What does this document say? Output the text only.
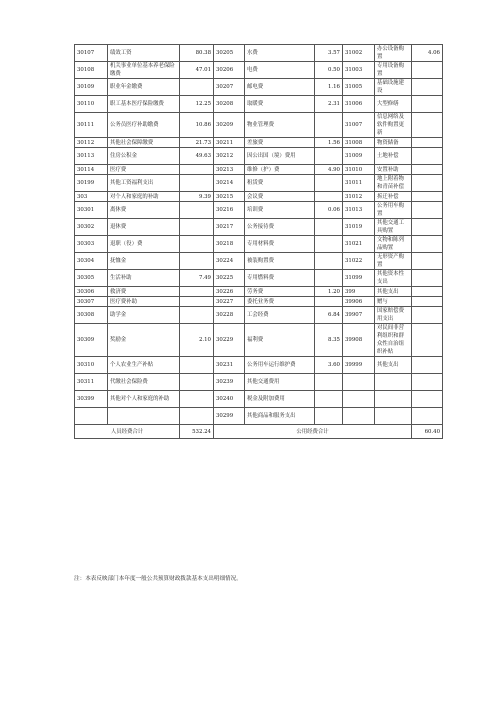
30107	绩效工资	80.38	30205	水费	3.57	31002	办公设备购置	4.06
30108	机关事业单位基本养老保险缴费	47.01	30206	电费	0.50	31003	专用设备购置	
30109	职业年金缴费		30207	邮电费	1.16	31005	基础设施建设	
30110	职工基本医疗保险缴费	12.25	30208	取暖费	2.31	31006	大型修缮	
30111	公务员医疗补助缴费	10.86	30209	物业管理费		31007	信息网络及软件购置更新	
30112	其他社会保障缴费	21.73	30211	差旅费	1.56	31008	物资储备	
30113	住房公积金	49.63	30212	因公出国（境）费用		31009	土地补偿	
30114	医疗费		30213	维修（护）费	4.90	31010	安置补助	
30199	其他工资福利支出		30214	租赁费		31011	地上附着物和青苗补偿	
303	对个人和家庭的补助	9.39	30215	会议费		31012	拆迁补偿	
30301	离休费		30216	培训费	0.06	31013	公务用车购置	
30302	退休费		30217	公务接待费		31019	其他交通工具购置	
30303	退职（役）费		30218	专用材料费		31021	文物和陈列品购置	
30304	抚恤金		30224	被装购置费		31022	无形资产购置	
30305	生活补助	7.49	30225	专用燃料费		31099	其他资本性支出	
30306	救济费		30226	劳务费	1.20	399	其他支出	
30307	医疗费补助		30227	委托业务费		39906	赠与	
30308	助学金		30228	工会经费	6.84	39907	国家赔偿费用支出	
30309	奖励金	2.10	30229	福利费	8.35	39908	对民间非营利组织和群众性自治组织补贴	
30310	个人农业生产补贴		30231	公务用车运行维护费	3.60	39999	其他支出	
30311	代缴社会保险费		30239	其他交通费用				
30399	其他对个人和家庭的补助		30240	税金及附加费用				
			30299	其他商品和服务支出				
人员经费合计		532.24	公用经费合计					60.40
注：本表反映部门本年度一般公共预算财政拨款基本支出明细情况。
